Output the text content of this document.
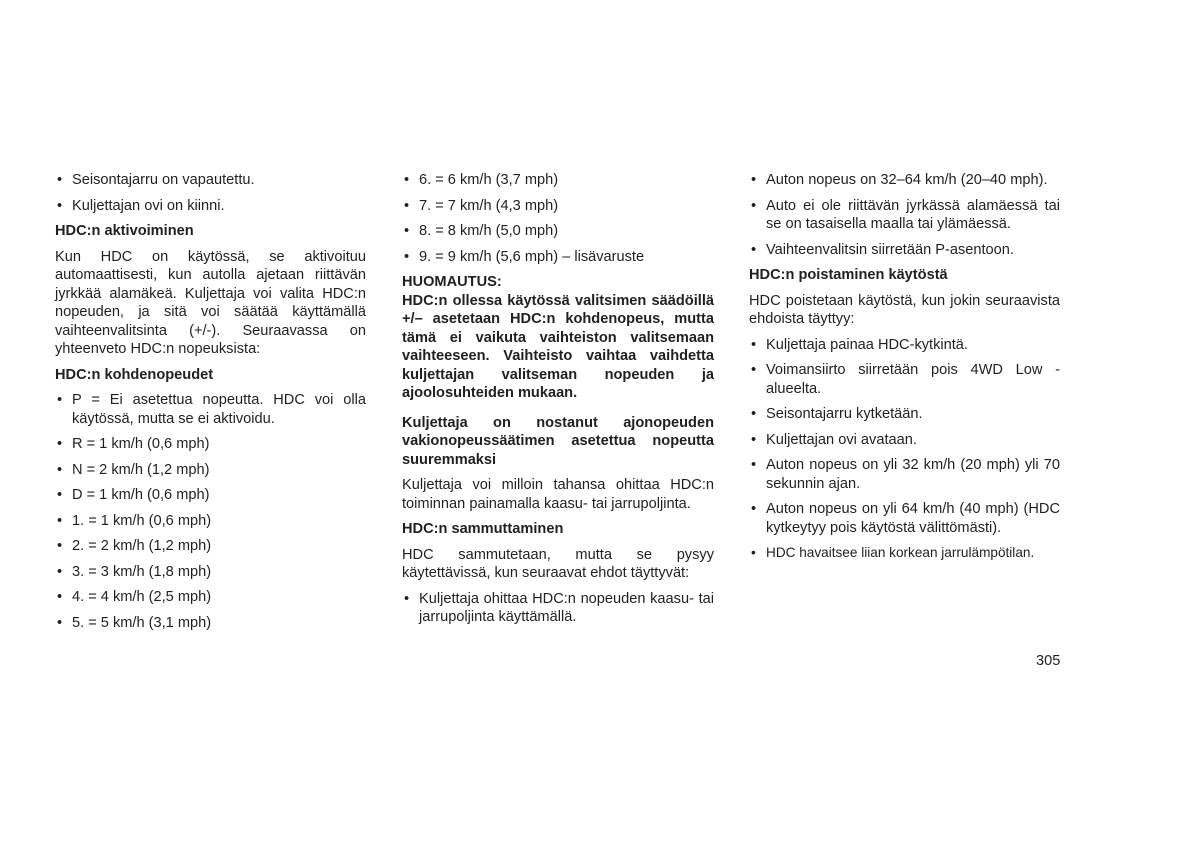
• Seisontajarru on vapautettu.
• Kuljettajan ovi on kiinni.
HDC:n aktivoiminen
Kun HDC on käytössä, se aktivoituu automaattisesti, kun autolla ajetaan riittävän jyrkkää alamäkeä. Kuljettaja voi valita HDC:n nopeuden, ja sitä voi säätää käyttämällä vaihteenvalitsinta (+/-). Seuraavassa on yhteenveto HDC:n nopeuksista:
HDC:n kohdenopeudet
• P = Ei asetettua nopeutta. HDC voi olla käytössä, mutta se ei aktivoidu.
• R = 1 km/h (0,6 mph)
• N = 2 km/h (1,2 mph)
• D = 1 km/h (0,6 mph)
• 1. = 1 km/h (0,6 mph)
• 2. = 2 km/h (1,2 mph)
• 3. = 3 km/h (1,8 mph)
• 4. = 4 km/h (2,5 mph)
• 5. = 5 km/h (3,1 mph)
• 6. = 6 km/h (3,7 mph)
• 7. = 7 km/h (4,3 mph)
• 8. = 8 km/h (5,0 mph)
• 9. = 9 km/h (5,6 mph) – lisävaruste
HUOMAUTUS:
HDC:n ollessa käytössä valitsimen säädöillä +/– asetetaan HDC:n kohdenopeus, mutta tämä ei vaikuta vaihteiston valitsemaan vaihteeseen. Vaihteisto vaihtaa vaihdetta kuljettajan valitseman nopeuden ja ajoolosuhteiden mukaan.
Kuljettaja on nostanut ajonopeuden vakionopeussäätimen asetettua nopeutta suuremmaksi
Kuljettaja voi milloin tahansa ohittaa HDC:n toiminnan painamalla kaasu- tai jarrupoljinta.
HDC:n sammuttaminen
HDC sammutetaan, mutta se pysyy käytettävissä, kun seuraavat ehdot täyttyvät:
• Kuljettaja ohittaa HDC:n nopeuden kaasu- tai jarrupoljinta käyttämällä.
• Auton nopeus on 32–64 km/h (20–40 mph).
• Auto ei ole riittävän jyrkässä alamäessä tai se on tasaisella maalla tai ylämäessä.
• Vaihteenvalitsin siirretään P-asentoon.
HDC:n poistaminen käytöstä
HDC poistetaan käytöstä, kun jokin seuraavista ehdoista täyttyy:
• Kuljettaja painaa HDC-kytkintä.
• Voimansiirto siirretään pois 4WD Low -alueelta.
• Seisontajarru kytketään.
• Kuljettajan ovi avataan.
• Auton nopeus on yli 32 km/h (20 mph) yli 70 sekunnin ajan.
• Auton nopeus on yli 64 km/h (40 mph) (HDC kytkeytyy pois käytöstä välittömästi).
• HDC havaitsee liian korkean jarrulämpötilan.
305
